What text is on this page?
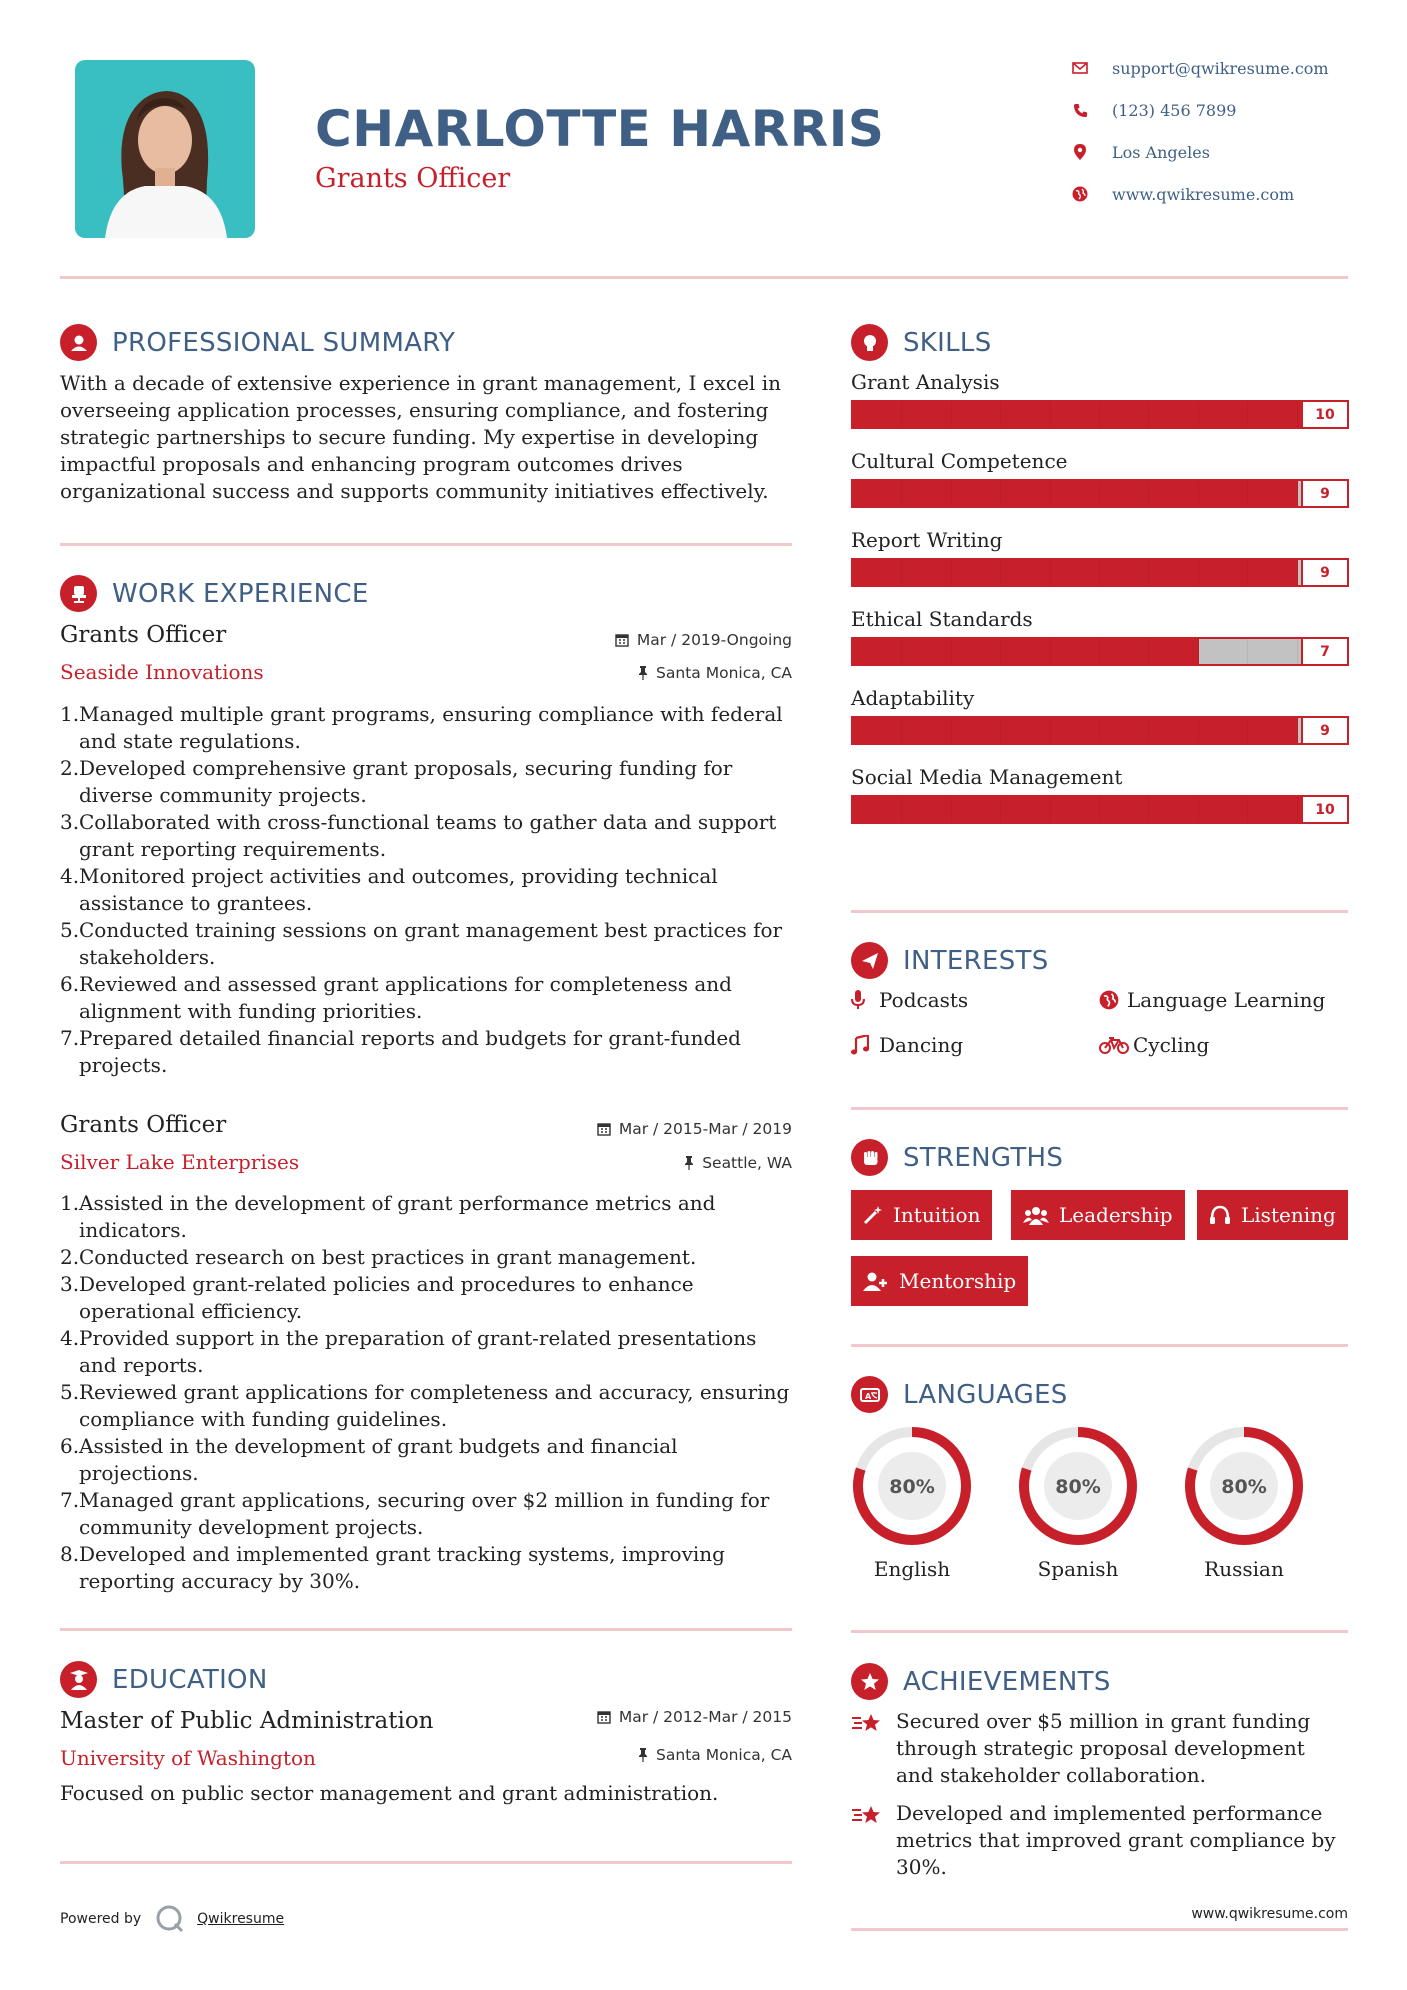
CHARLOTTE HARRIS
Grants Officer
support@qwikresume.com
(123) 456 7899
Los Angeles
www.qwikresume.com
PROFESSIONAL SUMMARY
With a decade of extensive experience in grant management, I excel in overseeing application processes, ensuring compliance, and fostering strategic partnerships to secure funding. My expertise in developing impactful proposals and enhancing program outcomes drives organizational success and supports community initiatives effectively.
WORK EXPERIENCE
Grants Officer
Seaside Innovations
Mar / 2019-Ongoing
Santa Monica, CA
Managed multiple grant programs, ensuring compliance with federal and state regulations.
Developed comprehensive grant proposals, securing funding for diverse community projects.
Collaborated with cross-functional teams to gather data and support grant reporting requirements.
Monitored project activities and outcomes, providing technical assistance to grantees.
Conducted training sessions on grant management best practices for stakeholders.
Reviewed and assessed grant applications for completeness and alignment with funding priorities.
Prepared detailed financial reports and budgets for grant-funded projects.
Grants Officer
Silver Lake Enterprises
Mar / 2015-Mar / 2019
Seattle, WA
Assisted in the development of grant performance metrics and indicators.
Conducted research on best practices in grant management.
Developed grant-related policies and procedures to enhance operational efficiency.
Provided support in the preparation of grant-related presentations and reports.
Reviewed grant applications for completeness and accuracy, ensuring compliance with funding guidelines.
Assisted in the development of grant budgets and financial projections.
Managed grant applications, securing over $2 million in funding for community development projects.
Developed and implemented grant tracking systems, improving reporting accuracy by 30%.
EDUCATION
Master of Public Administration
University of Washington
Mar / 2012-Mar / 2015
Santa Monica, CA
Focused on public sector management and grant administration.
Powered by	Qwikresume
SKILLS
Grant Analysis
10
Cultural Competence
9
Report Writing
9
Ethical Standards
7
Adaptability
9
Social Media Management
10
INTERESTS
Podcasts	Language Learning
Dancing	Cycling
STRENGTHS
Intuition	Leadership	Listening
Mentorship
A LANGUAGES
80%
English
80%
Spanish
80%
Russian
ACHIEVEMENTS
Secured over $5 million in grant funding through strategic proposal development and stakeholder collaboration.
Developed and implemented performance metrics that improved grant compliance by 30%.
www.qwikresume.com
